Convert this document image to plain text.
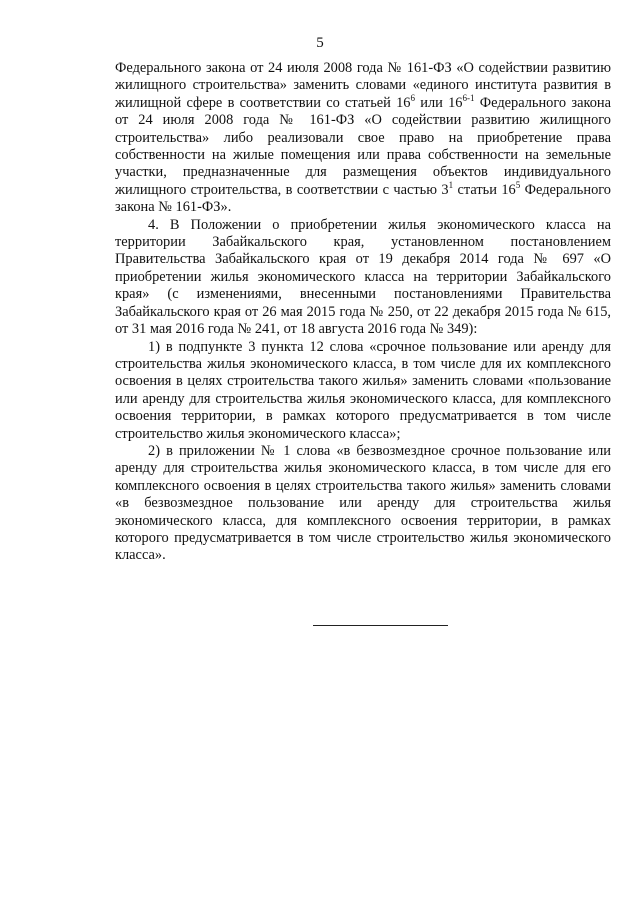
5

Федерального закона от 24 июля 2008 года № 161-ФЗ «О содействии развитию жилищного строительства» заменить словами «единого института развития в жилищной сфере в соответствии со статьей $16^6$ или 16$^{6-1}$ Федерального закона от 24 июля 2008 года № 161-ФЗ «О содействии развитию жилищного строительства» либо реализовали свое право на приобретение права собственности на жилые помещения или права собственности на земельные участки, предназначенные для размещения объектов индивидуального жилищного строительства, в соответствии с частью $3^1$ статьи $16^5$ Федерального закона № 161-ФЗ».

4. В Положении о приобретении жилья экономического класса на территории Забайкальского края, установленном постановлением Правительства Забайкальского края от 19 декабря 2014 года № 697 «О приобретении жилья экономического класса на территории Забайкальского края» (с изменениями, внесенными постановлениями Правительства Забайкальского края от 26 мая 2015 года № 250, от 22 декабря 2015 года № 615, от 31 мая 2016 года № 241, от 18 августа 2016 года № 349):

1) в подпункте 3 пункта 12 слова «срочное пользование или аренду для строительства жилья экономического класса, в том числе для их комплексного освоения в целях строительства такого жилья» заменить словами «пользование или аренду для строительства жилья экономического класса, для комплексного освоения территории, в рамках которого предусматривается в том числе строительство жилья экономического класса»;

2) в приложении № 1 слова «в безвозмездное срочное пользование или аренду для строительства жилья экономического класса, в том числе для его комплексного освоения в целях строительства такого жилья» заменить словами «в безвозмездное пользование или аренду для строительства жилья экономического класса, для комплексного освоения территории, в рамках которого предусматривается в том числе строительство жилья экономического класса».
